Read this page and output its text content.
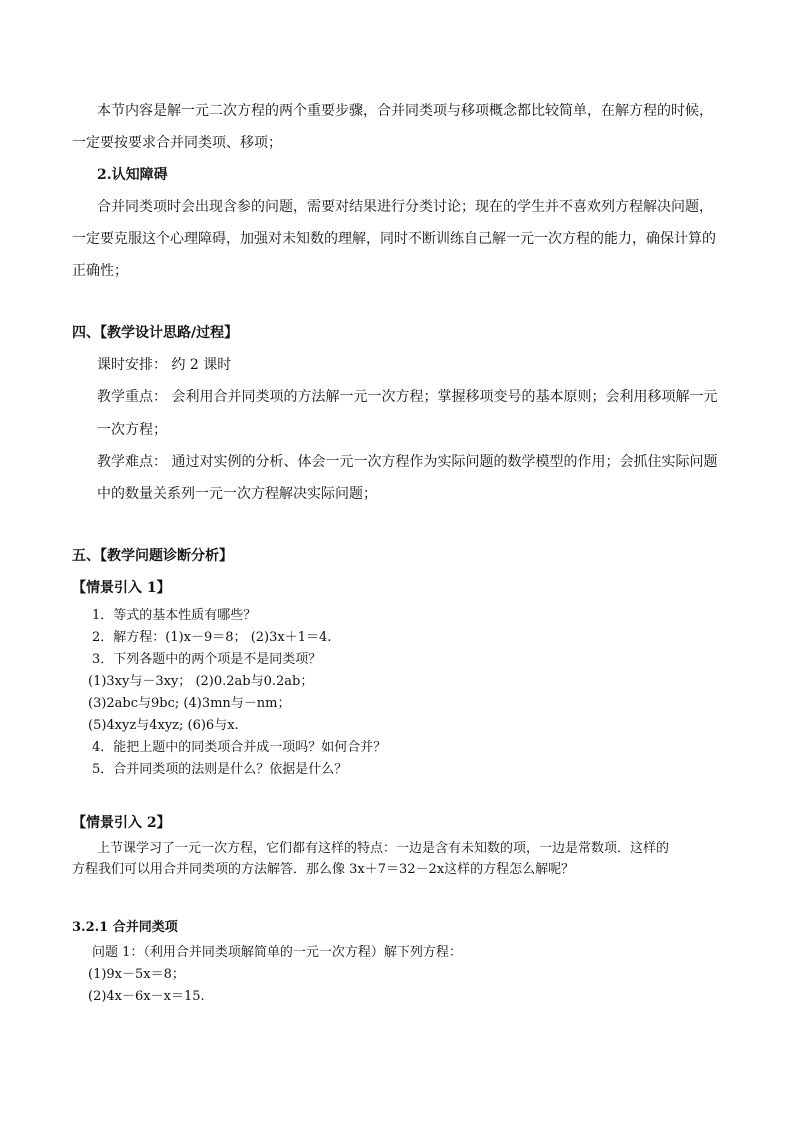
本节内容是解一元二次方程的两个重要步骤，合并同类项与移项概念都比较简单，在解方程的时候，
一定要按要求合并同类项、移项；
2.认知障碍
合并同类项时会出现含参的问题，需要对结果进行分类讨论；现在的学生并不喜欢列方程解决问题，
一定要克服这个心理障碍，加强对未知数的理解，同时不断训练自己解一元一次方程的能力，确保计算的
正确性；
四、【教学设计思路/过程】
课时安排： 约 2 课时
教学重点： 会利用合并同类项的方法解一元一次方程；掌握移项变号的基本原则；会利用移项解一元
一次方程；
教学难点： 通过对实例的分析、体会一元一次方程作为实际问题的数学模型的作用；会抓住实际问题
中的数量关系列一元一次方程解决实际问题；
五、【教学问题诊断分析】
【情景引入 1】
1．等式的基本性质有哪些？
2．解方程：(1)x－9＝8； (2)3x＋1＝4.
3．下列各题中的两个项是不是同类项？
(1)3xy与－3xy； (2)0.2ab与0.2ab；
(3)2abc与9bc; (4)3mn与－nm；
(5)4xyz与4xyz; (6)6与x.
4．能把上题中的同类项合并成一项吗？如何合并？
5．合并同类项的法则是什么？依据是什么？
【情景引入 2】
上节课学习了一元一次方程，它们都有这样的特点：一边是含有未知数的项，一边是常数项．这样的
方程我们可以用合并同类项的方法解答．那么像 3x＋7＝32－2x这样的方程怎么解呢？
3.2.1 合并同类项
问题 1：（利用合并同类项解简单的一元一次方程）解下列方程：
(1)9x－5x＝8；
(2)4x－6x－x＝15.
